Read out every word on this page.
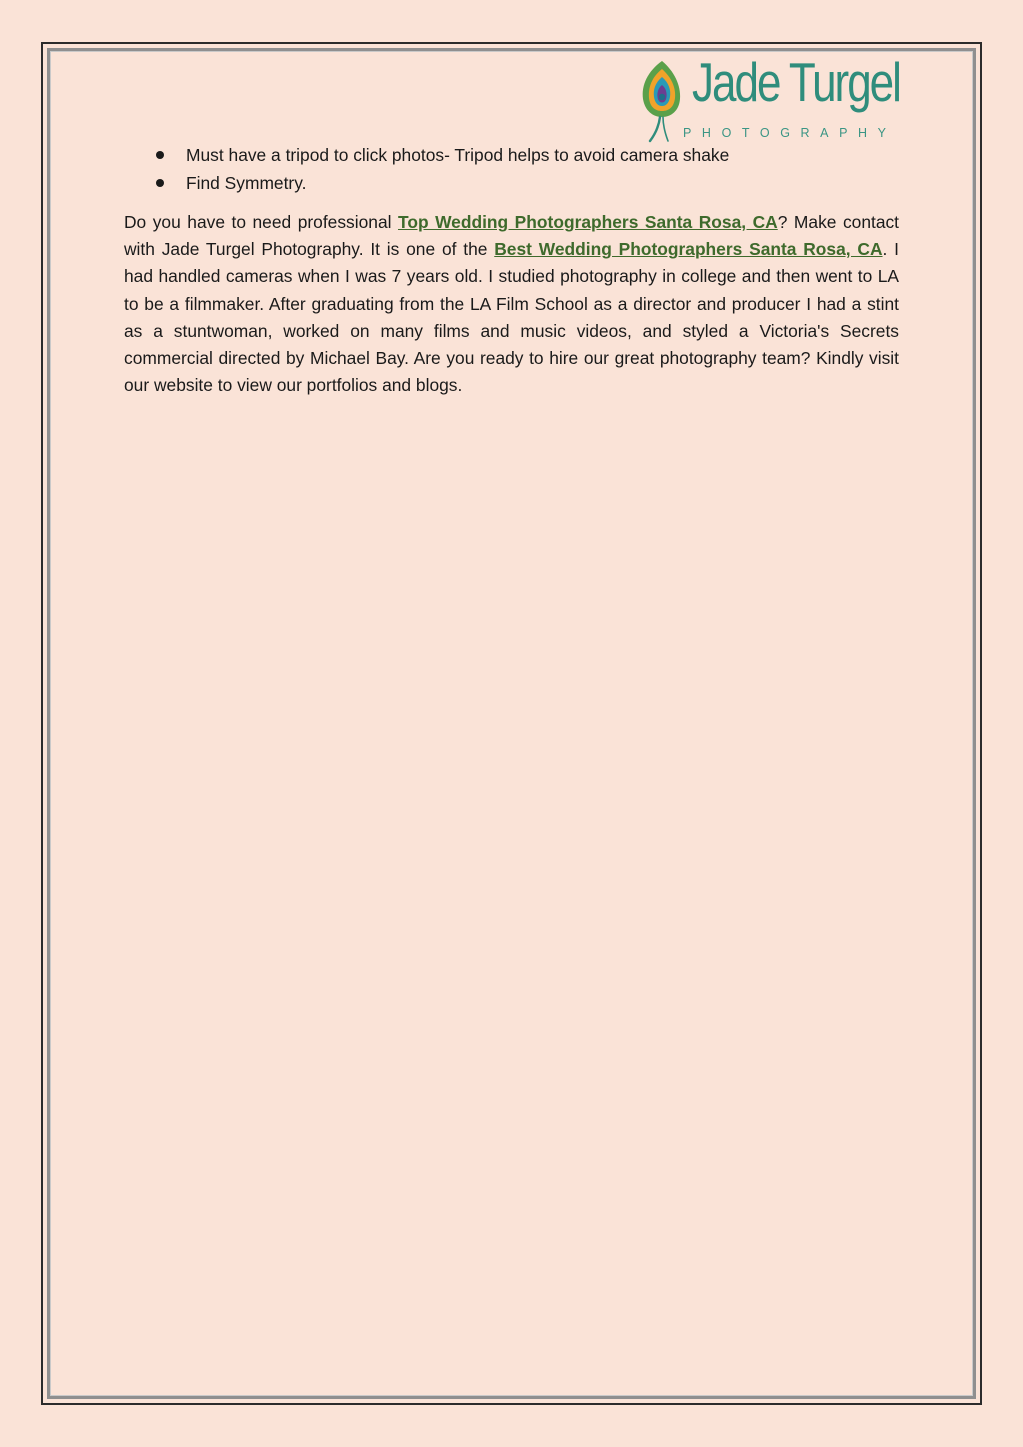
Jade Turgel
PHOTOGRAPHY
Must have a tripod to click photos- Tripod helps to avoid camera shake
Find Symmetry.

Do you have to need professional Top Wedding Photographers Santa Rosa, CA? Make contact with Jade Turgel Photography. It is one of the Best Wedding Photographers Santa Rosa, CA. I had handled cameras when I was 7 years old. I studied photography in college and then went to LA to be a filmmaker. After graduating from the LA Film School as a director and producer I had a stint as a stuntwoman, worked on many films and music videos, and styled a Victoria's Secrets commercial directed by Michael Bay. Are you ready to hire our great photography team? Kindly visit our website to view our portfolios and blogs.
